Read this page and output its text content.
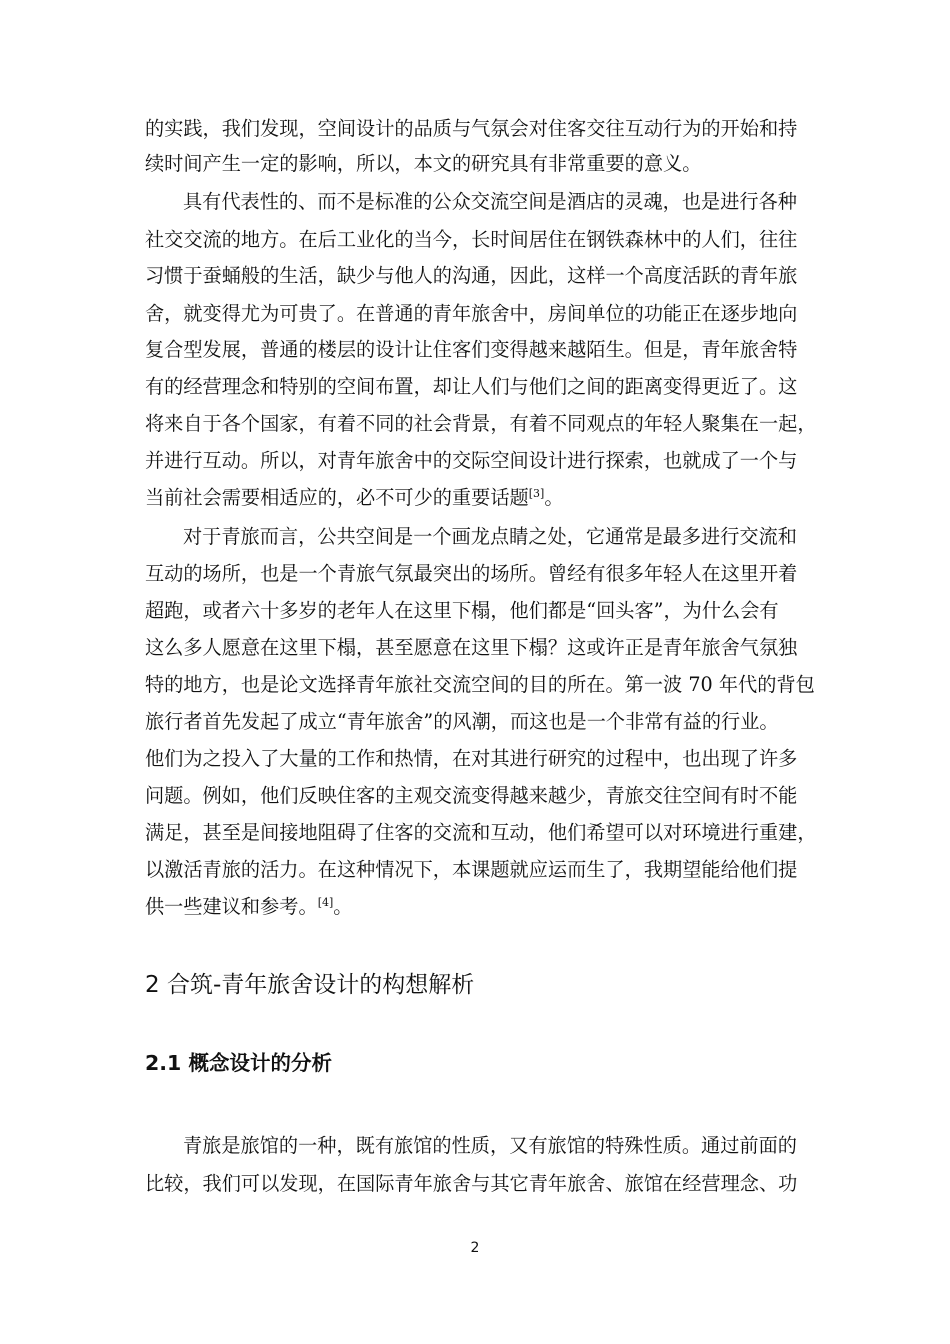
的实践，我们发现，空间设计的品质与气氛会对住客交往互动行为的开始和持
续时间产生一定的影响，所以，本文的研究具有非常重要的意义。
具有代表性的、而不是标准的公众交流空间是酒店的灵魂，也是进行各种
社交交流的地方。在后工业化的当今，长时间居住在钢铁森林中的人们，往往
习惯于蚕蛹般的生活，缺少与他人的沟通，因此，这样一个高度活跃的青年旅
舍，就变得尤为可贵了。在普通的青年旅舍中，房间单位的功能正在逐步地向
复合型发展，普通的楼层的设计让住客们变得越来越陌生。但是，青年旅舍特
有的经营理念和特别的空间布置，却让人们与他们之间的距离变得更近了。这
将来自于各个国家，有着不同的社会背景，有着不同观点的年轻人聚集在一起，
并进行互动。所以，对青年旅舍中的交际空间设计进行探索，也就成了一个与
当前社会需要相适应的，必不可少的重要话题[3]。
对于青旅而言，公共空间是一个画龙点睛之处，它通常是最多进行交流和
互动的场所，也是一个青旅气氛最突出的场所。曾经有很多年轻人在这里开着
超跑，或者六十多岁的老年人在这里下榻，他们都是“回头客”，为什么会有
这么多人愿意在这里下榻，甚至愿意在这里下榻？这或许正是青年旅舍气氛独
特的地方，也是论文选择青年旅社交流空间的目的所在。第一波 70 年代的背包
旅行者首先发起了成立“青年旅舍”的风潮，而这也是一个非常有益的行业。
他们为之投入了大量的工作和热情，在对其进行研究的过程中，也出现了许多
问题。例如，他们反映住客的主观交流变得越来越少，青旅交往空间有时不能
满足，甚至是间接地阻碍了住客的交流和互动，他们希望可以对环境进行重建，
以激活青旅的活力。在这种情况下，本课题就应运而生了，我期望能给他们提
供一些建议和参考。[4]。
2 合筑-青年旅舍设计的构想解析
2.1 概念设计的分析
青旅是旅馆的一种，既有旅馆的性质，又有旅馆的特殊性质。通过前面的
比较，我们可以发现，在国际青年旅舍与其它青年旅舍、旅馆在经营理念、功
2
